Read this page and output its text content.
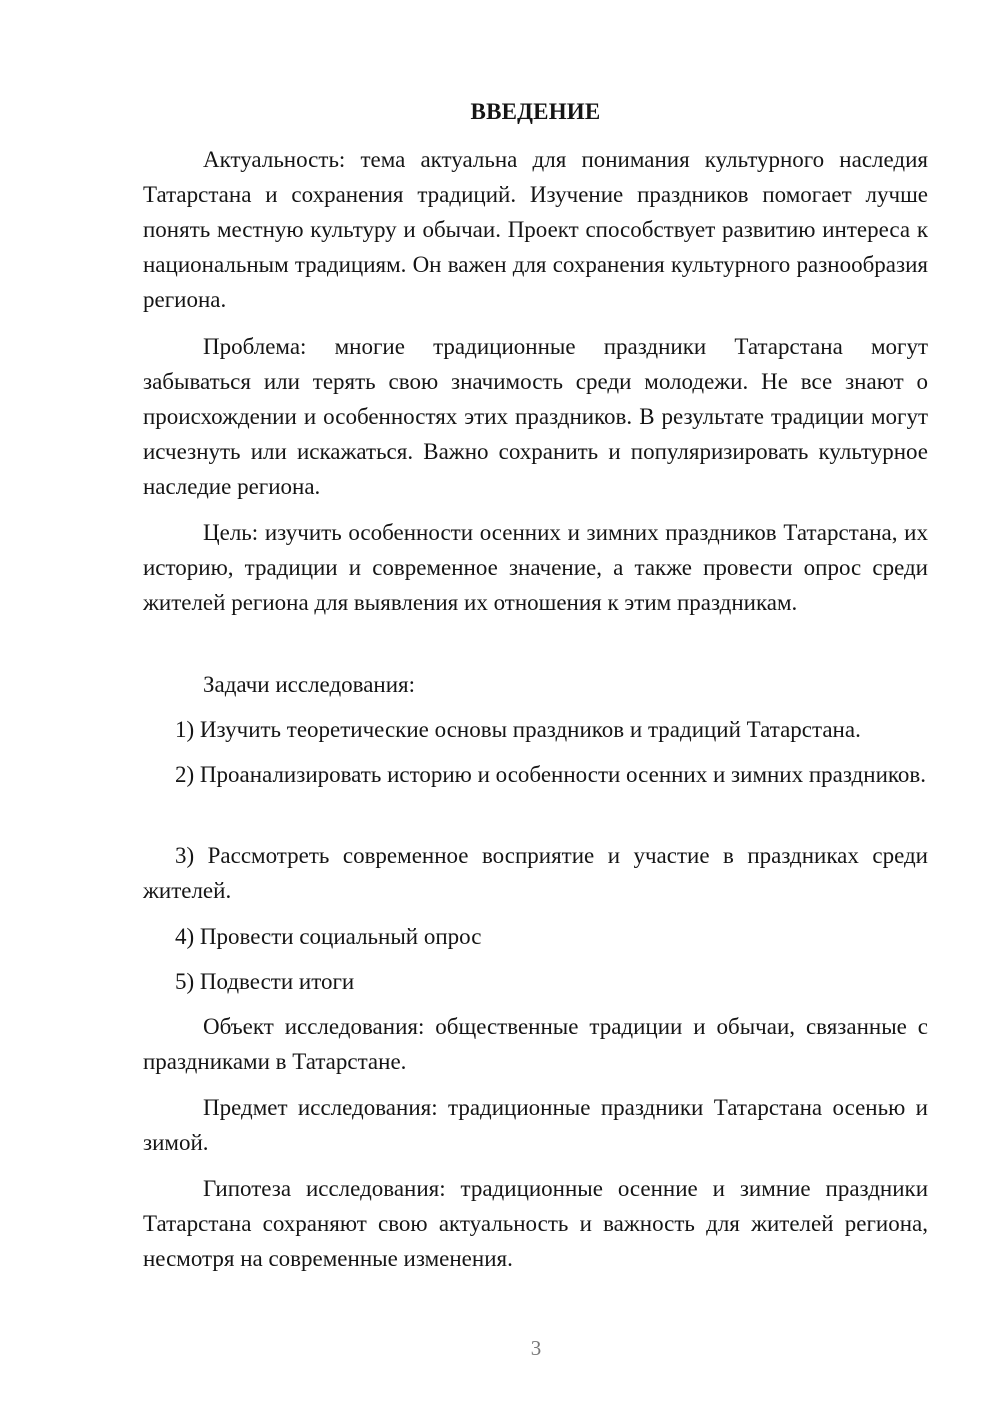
ВВЕДЕНИЕ

Актуальность: тема актуальна для понимания культурного наследия Татарстана и сохранения традиций. Изучение праздников помогает лучше понять местную культуру и обычаи. Проект способствует развитию интереса к национальным традициям. Он важен для сохранения культурного разнообразия региона.

Проблема: многие традиционные праздники Татарстана могут забываться или терять свою значимость среди молодежи. Не все знают о происхождении и особенностях этих праздников. В результате традиции могут исчезнуть или искажаться. Важно сохранить и популяризировать культурное наследие региона.

Цель: изучить особенности осенних и зимних праздников Татарстана, их историю, традиции и современное значение, а также провести опрос среди жителей региона для выявления их отношения к этим праздникам.

Задачи исследования:

1) Изучить теоретические основы праздников и традиций Татарстана.

2) Проанализировать историю и особенности осенних и зимних праздников.

3) Рассмотреть современное восприятие и участие в праздниках среди жителей.

4) Провести социальный опрос

5) Подвести итоги

Объект исследования: общественные традиции и обычаи, связанные с праздниками в Татарстане.

Предмет исследования: традиционные праздники Татарстана осенью и зимой.

Гипотеза исследования: традиционные осенние и зимние праздники Татарстана сохраняют свою актуальность и важность для жителей региона, несмотря на современные изменения.

3
